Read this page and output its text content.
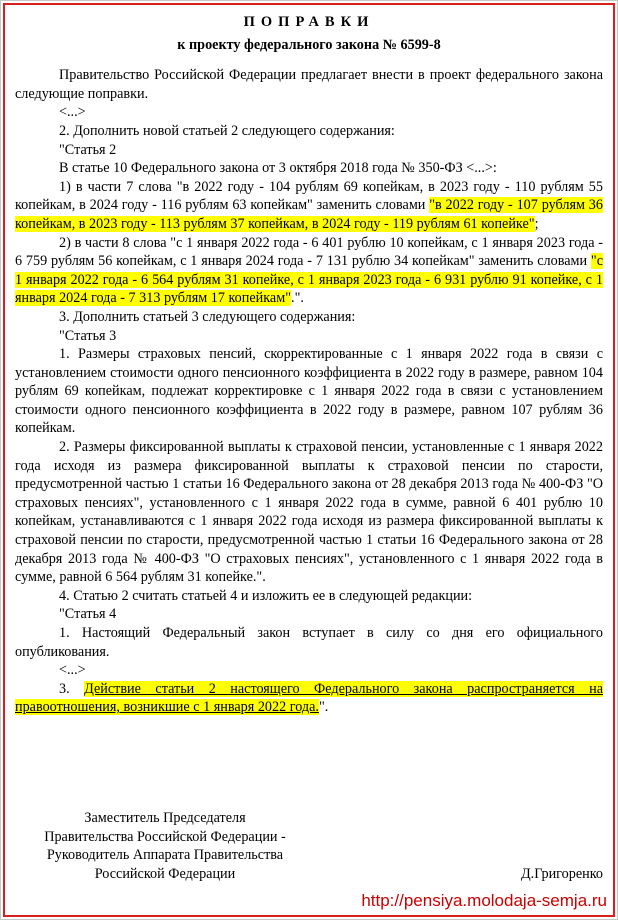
ПОПРАВКИ
к проекту федерального закона № 6599-8

Правительство Российской Федерации предлагает внести в проект федерального закона следующие поправки.

<...>

2. Дополнить новой статьей 2 следующего содержания:

"Статья 2

В статье 10 Федерального закона от 3 октября 2018 года № 350-ФЗ <...>:

1) в части 7 слова "в 2022 году - 104 рублям 69 копейкам, в 2023 году - 110 рублям 55 копейкам, в 2024 году - 116 рублям 63 копейкам" заменить словами "в 2022 году - 107 рублям 36 копейкам, в 2023 году - 113 рублям 37 копейкам, в 2024 году - 119 рублям 61 копейке";

2) в части 8 слова "с 1 января 2022 года - 6 401 рублю 10 копейкам, с 1 января 2023 года - 6 759 рублям 56 копейкам, с 1 января 2024 года - 7 131 рублю 34 копейкам" заменить словами "с 1 января 2022 года - 6 564 рублям 31 копейке, с 1 января 2023 года - 6 931 рублю 91 копейке, с 1 января 2024 года - 7 313 рублям 17 копейкам".".

3. Дополнить статьей 3 следующего содержания:

"Статья 3

1. Размеры страховых пенсий, скорректированные с 1 января 2022 года в связи с установлением стоимости одного пенсионного коэффициента в 2022 году в размере, равном 104 рублям 69 копейкам, подлежат корректировке с 1 января 2022 года в связи с установлением стоимости одного пенсионного коэффициента в 2022 году в размере, равном 107 рублям 36 копейкам.

2. Размеры фиксированной выплаты к страховой пенсии, установленные с 1 января 2022 года исходя из размера фиксированной выплаты к страховой пенсии по старости, предусмотренной частью 1 статьи 16 Федерального закона от 28 декабря 2013 года № 400-ФЗ "О страховых пенсиях", установленного с 1 января 2022 года в сумме, равной 6 401 рублю 10 копейкам, устанавливаются с 1 января 2022 года исходя из размера фиксированной выплаты к страховой пенсии по старости, предусмотренной частью 1 статьи 16 Федерального закона от 28 декабря 2013 года № 400-ФЗ "О страховых пенсиях", установленного с 1 января 2022 года в сумме, равной 6 564 рублям 31 копейке.".

4. Статью 2 считать статьей 4 и изложить ее в следующей редакции:

"Статья 4

1. Настоящий Федеральный закон вступает в силу со дня его официального опубликования.

<...>

3. Действие статьи 2 настоящего Федерального закона распространяется на правоотношения, возникшие с 1 января 2022 года.".

Заместитель Председателя
Правительства Российской Федерации -
Руководитель Аппарата Правительства
Российской Федерации	Д.Григоренко
http://pensiya.molodaja-semja.ru
